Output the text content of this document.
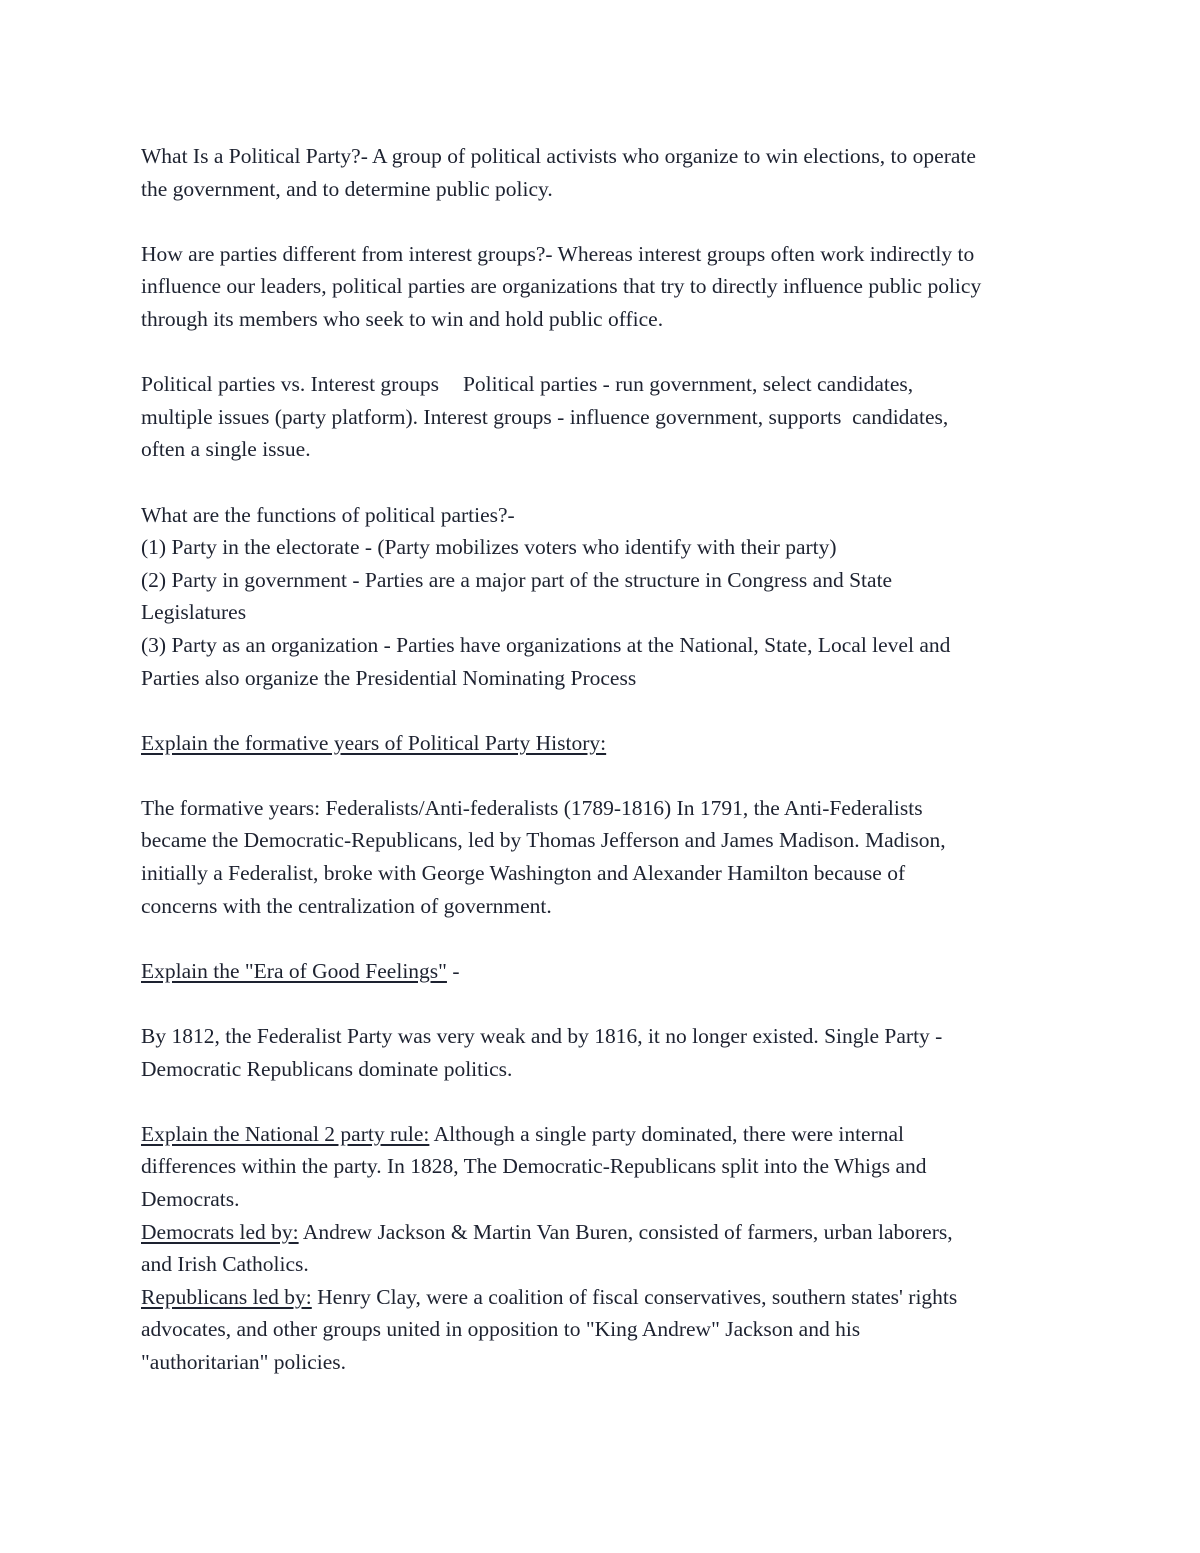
What Is a Political Party?- A group of political activists who organize to win elections, to operate
the government, and to determine public policy.

How are parties different from interest groups?- Whereas interest groups often work indirectly to
influence our leaders, political parties are organizations that try to directly influence public policy
through its members who seek to win and hold public office.

Political parties vs. Interest groups Political parties - run government, select candidates,
multiple issues (party platform). Interest groups - influence government, supports  candidates,
often a single issue.

What are the functions of political parties?-
(1) Party in the electorate - (Party mobilizes voters who identify with their party)
(2) Party in government - Parties are a major part of the structure in Congress and State
Legislatures
(3) Party as an organization - Parties have organizations at the National, State, Local level and
Parties also organize the Presidential Nominating Process

Explain the formative years of Political Party History:

The formative years: Federalists/Anti-federalists (1789-1816) In 1791, the Anti-Federalists
became the Democratic-Republicans, led by Thomas Jefferson and James Madison. Madison,
initially a Federalist, broke with George Washington and Alexander Hamilton because of
concerns with the centralization of government.

Explain the "Era of Good Feelings" -

By 1812, the Federalist Party was very weak and by 1816, it no longer existed. Single Party -
Democratic Republicans dominate politics.

Explain the National 2 party rule: Although a single party dominated, there were internal
differences within the party. In 1828, The Democratic-Republicans split into the Whigs and
Democrats.
Democrats led by: Andrew Jackson & Martin Van Buren, consisted of farmers, urban laborers,
and Irish Catholics.
Republicans led by: Henry Clay, were a coalition of fiscal conservatives, southern states' rights
advocates, and other groups united in opposition to "King Andrew" Jackson and his
"authoritarian" policies.
